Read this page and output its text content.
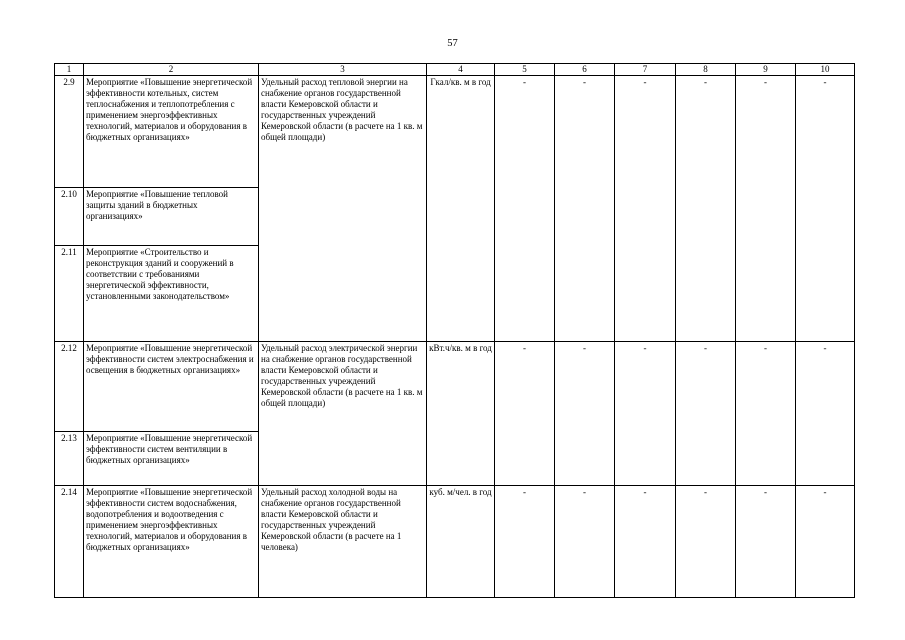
57
1	2	3	4	5	6	7	8	9	10
2.9	Мероприятие «Повышение энергетической эффективности котельных, систем теплоснабжения и теплопотребления с применением энергоэффективных технологий, материалов и оборудования в бюджетных организациях»	Удельный расход тепловой энергии на снабжение органов государственной власти Кемеровской области и государственных учреждений Кемеровской области (в расчете на 1 кв. м общей площади)	Гкал/кв. м в год	-	-	-	-	-	-
2.10	Мероприятие «Повышение тепловой защиты зданий в бюджетных организациях»								
2.11	Мероприятие «Строительство и реконструкция зданий и сооружений в соответствии с требованиями энергетической эффективности, установленными законодательством»								
2.12	Мероприятие «Повышение энергетической эффективности систем электроснабжения и освещения в бюджетных организациях»	Удельный расход электрической энергии на снабжение органов государственной власти Кемеровской области и государственных учреждений Кемеровской области (в расчете на 1 кв. м общей площади)	кВт.ч/кв. м в год	-	-	-	-	-	-
2.13	Мероприятие «Повышение энергетической эффективности систем вентиляции в бюджетных организациях»								
2.14	Мероприятие «Повышение энергетической эффективности систем водоснабжения, водопотребления и водоотведения с применением энергоэффективных технологий, материалов и оборудования в бюджетных организациях»	Удельный расход холодной воды на снабжение органов государственной власти Кемеровской области и государственных учреждений Кемеровской области (в расчете на 1 человека)	куб. м/чел. в год	-	-	-	-	-	-
